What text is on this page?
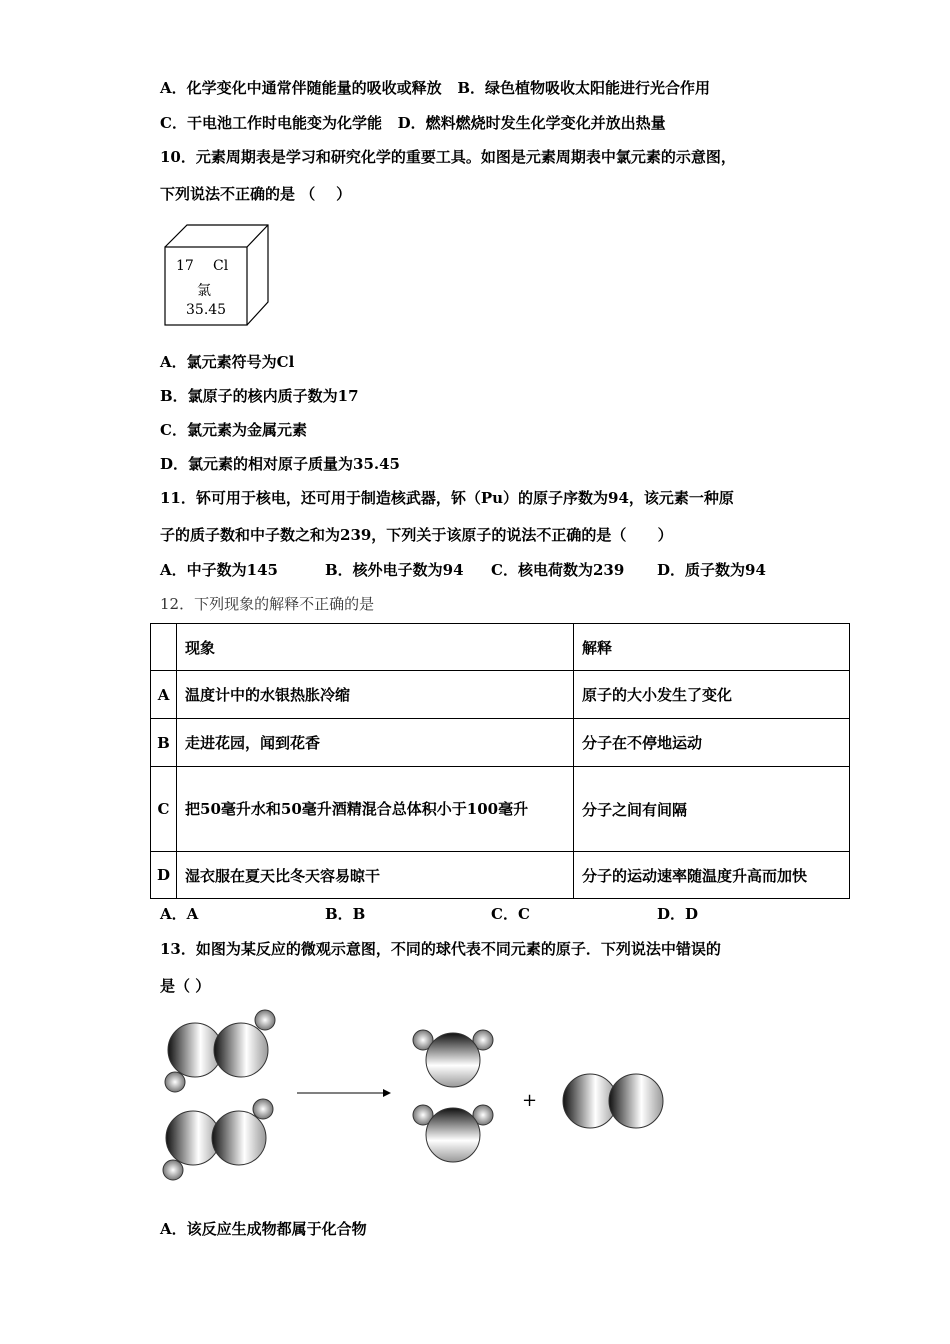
A．化学变化中通常伴随能量的吸收或释放 B．绿色植物吸收太阳能进行光合作用
C．干电池工作时电能变为化学能 D．燃料燃烧时发生化学变化并放出热量
10．元素周期表是学习和研究化学的重要工具。如图是元素周期表中氯元素的示意图，
下列说法不正确的是 （    ）
17 Cl
氯
35.45
A．氯元素符号为Cl
B．氯原子的核内质子数为17
C．氯元素为金属元素
D．氯元素的相对原子质量为35.45
11．钚可用于核电，还可用于制造核武器，钚（Pu）的原子序数为94，该元素一种原
子的质子数和中子数之和为239，下列关于该原子的说法不正确的是（      ）
A．中子数为145	B．核外电子数为94 C．核电荷数为239 D．质子数为94
12．下列现象的解释不正确的是
	现象	解释
A	温度计中的水银热胀冷缩	原子的大小发生了变化
B	走进花园，闻到花香	分子在不停地运动
C	把50毫升水和50毫升酒精混合总体积小于100毫升	分子之间有间隔
D	湿衣服在夏天比冬天容易晾干	分子的运动速率随温度升高而加快
A．A	B．B	C．C	D．D
13．如图为某反应的微观示意图，不同的球代表不同元素的原子．下列说法中错误的
是（ ）
+
A．该反应生成物都属于化合物
